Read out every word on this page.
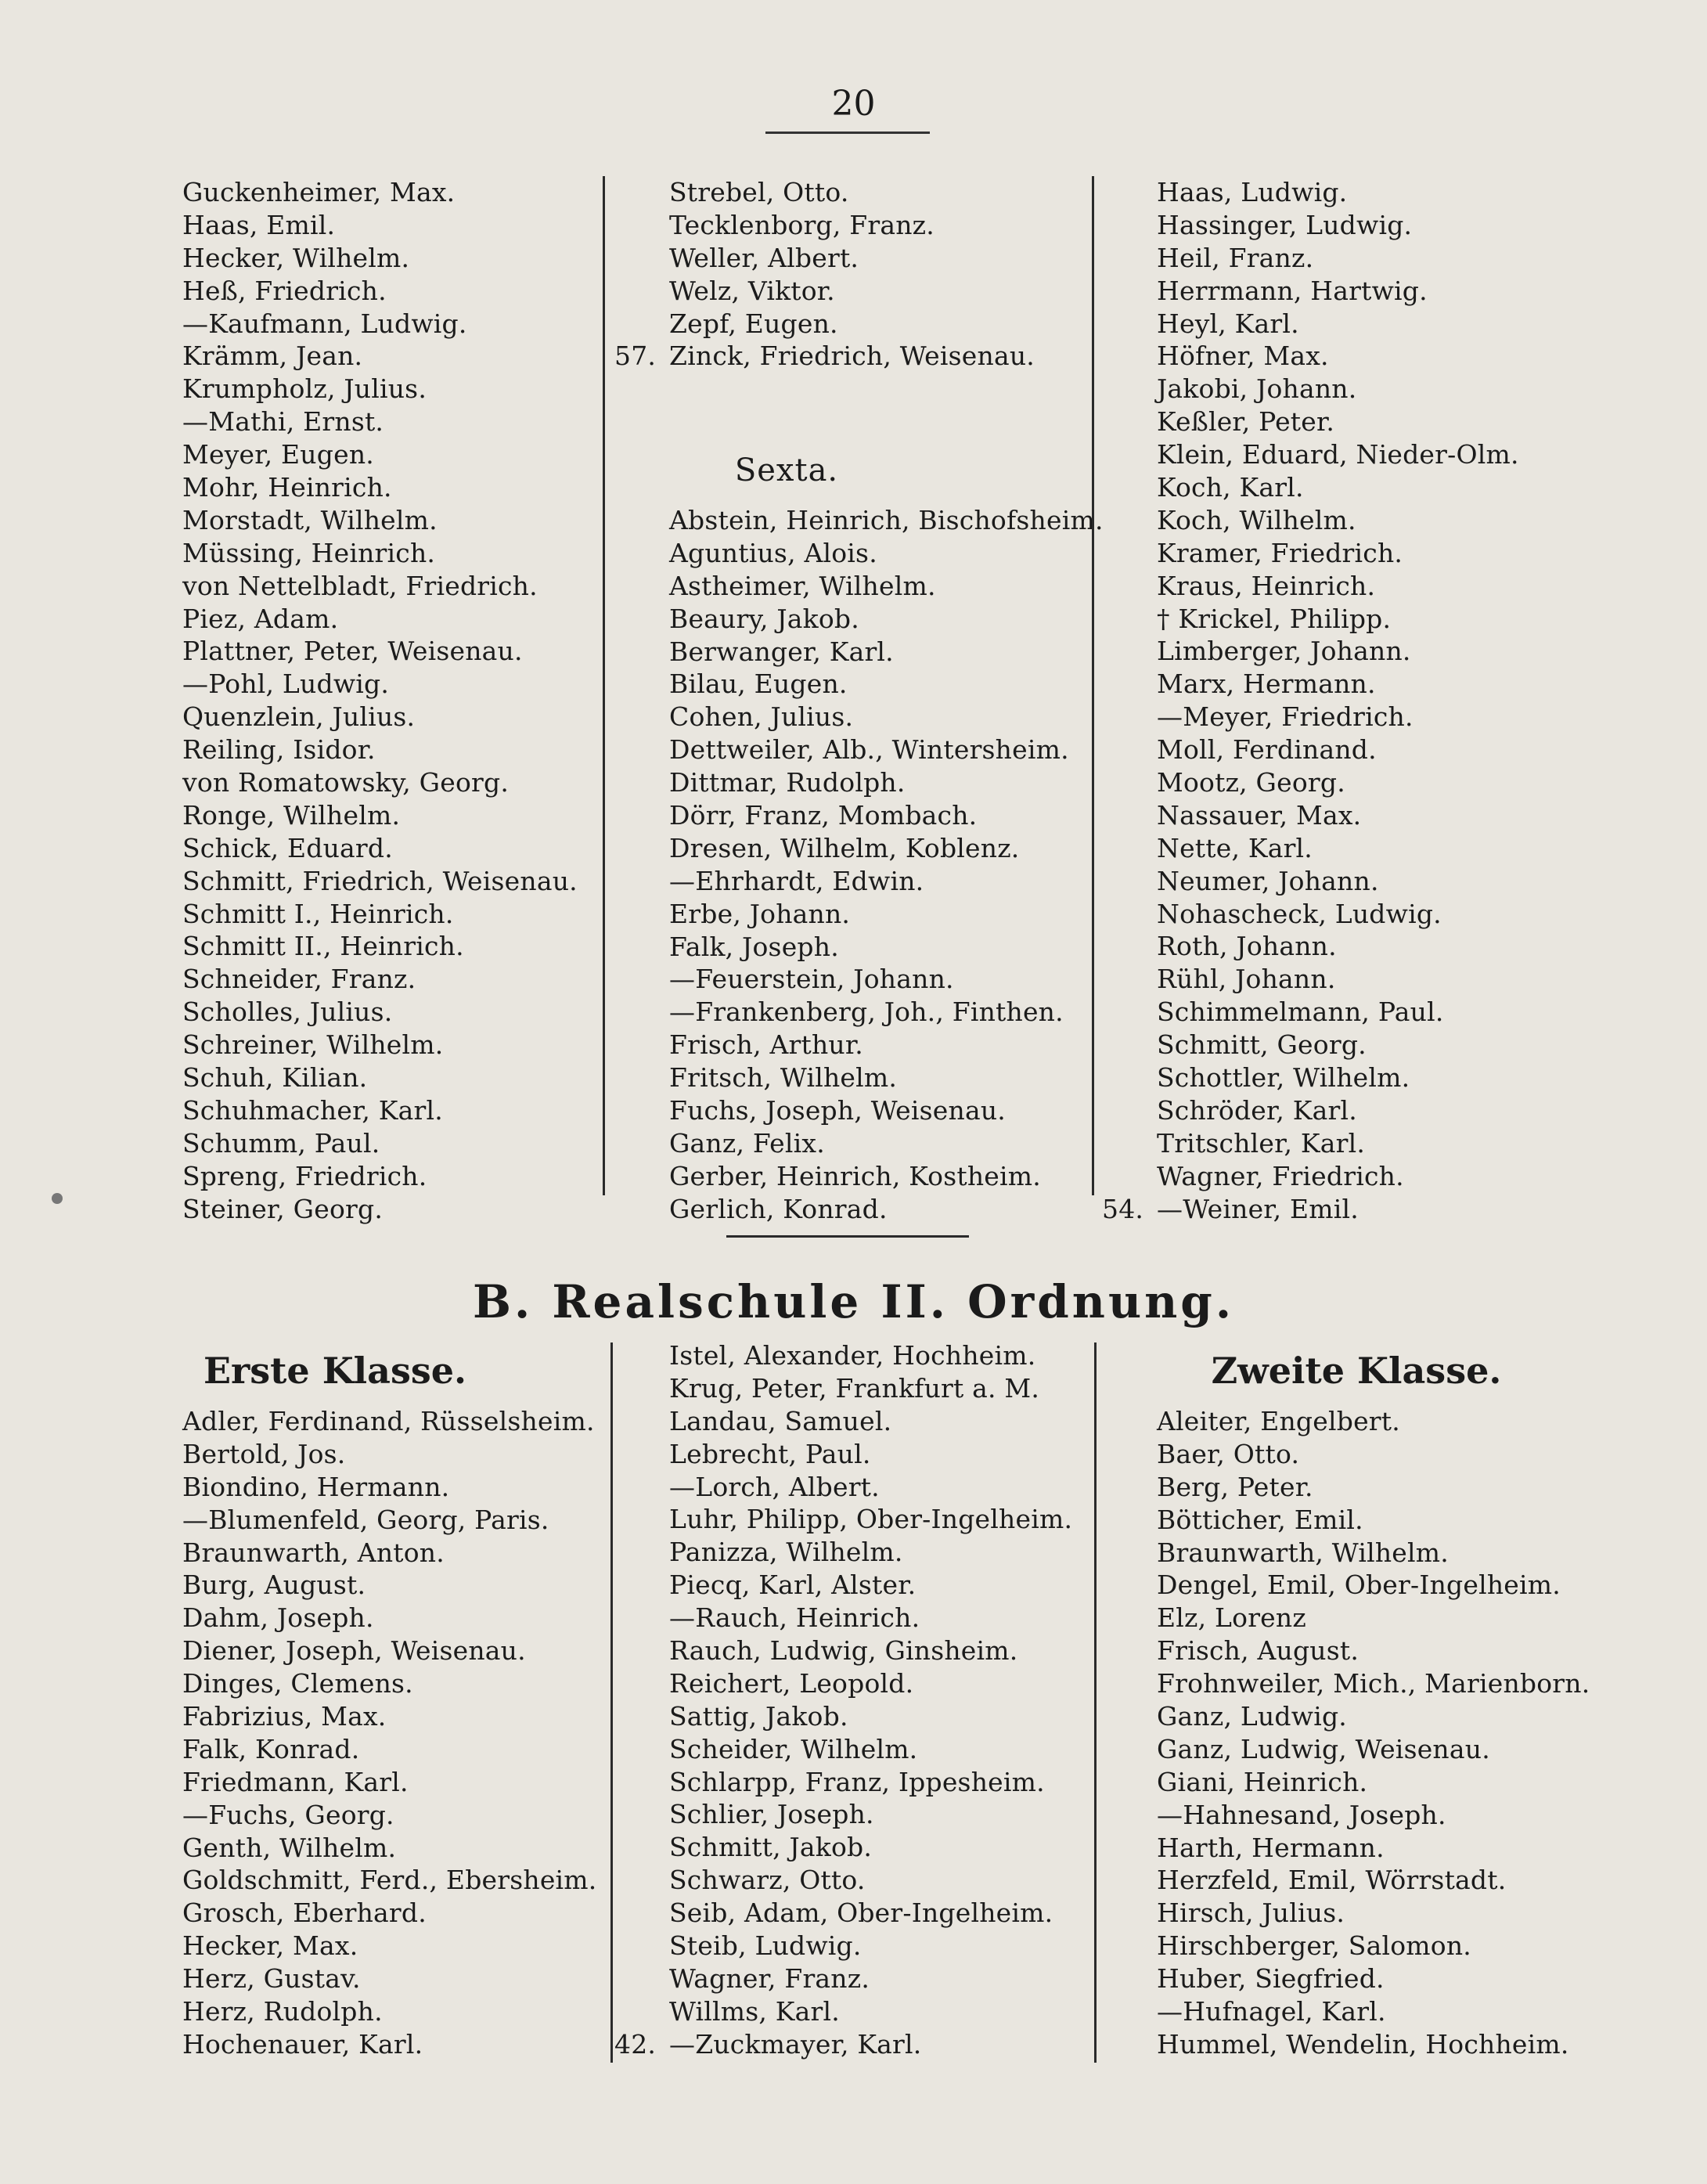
20
Guckenheimer, Max.
Haas, Emil.
Hecker, Wilhelm.
Heß, Friedrich.
—Kaufmann, Ludwig.
Krämm, Jean.
Krumpholz, Julius.
—Mathi, Ernst.
Meyer, Eugen.
Mohr, Heinrich.
Morstadt, Wilhelm.
Müssing, Heinrich.
von Nettelbladt, Friedrich.
Piez, Adam.
Plattner, Peter, Weisenau.
—Pohl, Ludwig.
Quenzlein, Julius.
Reiling, Isidor.
von Romatowsky, Georg.
Ronge, Wilhelm.
Schick, Eduard.
Schmitt, Friedrich, Weisenau.
Schmitt I., Heinrich.
Schmitt II., Heinrich.
Schneider, Franz.
Scholles, Julius.
Schreiner, Wilhelm.
Schuh, Kilian.
Schuhmacher, Karl.
Schumm, Paul.
Spreng, Friedrich.
Steiner, Georg.
Strebel, Otto.
Tecklenborg, Franz.
Weller, Albert.
Welz, Viktor.
Zepf, Eugen.
57. Zinck, Friedrich, Weisenau.
Sexta.
Abstein, Heinrich, Bischofsheim.
Aguntius, Alois.
Astheimer, Wilhelm.
Beaury, Jakob.
Berwanger, Karl.
Bilau, Eugen.
Cohen, Julius.
Dettweiler, Alb., Wintersheim.
Dittmar, Rudolph.
Dörr, Franz, Mombach.
Dresen, Wilhelm, Koblenz.
—Ehrhardt, Edwin.
Erbe, Johann.
Falk, Joseph.
—Feuerstein, Johann.
—Frankenberg, Joh., Finthen.
Frisch, Arthur.
Fritsch, Wilhelm.
Fuchs, Joseph, Weisenau.
Ganz, Felix.
Gerber, Heinrich, Kostheim.
Gerlich, Konrad.
Haas, Ludwig.
Hassinger, Ludwig.
Heil, Franz.
Herrmann, Hartwig.
Heyl, Karl.
Höfner, Max.
Jakobi, Johann.
Keßler, Peter.
Klein, Eduard, Nieder-Olm.
Koch, Karl.
Koch, Wilhelm.
Kramer, Friedrich.
Kraus, Heinrich.
† Krickel, Philipp.
Limberger, Johann.
Marx, Hermann.
—Meyer, Friedrich.
Moll, Ferdinand.
Mootz, Georg.
Nassauer, Max.
Nette, Karl.
Neumer, Johann.
Nohascheck, Ludwig.
Roth, Johann.
Rühl, Johann.
Schimmelmann, Paul.
Schmitt, Georg.
Schottler, Wilhelm.
Schröder, Karl.
Tritschler, Karl.
Wagner, Friedrich.
54. —Weiner, Emil.
B. Realschule II. Ordnung.
Erste Klasse.	Zweite Klasse.
Adler, Ferdinand, Rüsselsheim.
Bertold, Jos.
Biondino, Hermann.
—Blumenfeld, Georg, Paris.
Braunwarth, Anton.
Burg, August.
Dahm, Joseph.
Diener, Joseph, Weisenau.
Dinges, Clemens.
Fabrizius, Max.
Falk, Konrad.
Friedmann, Karl.
—Fuchs, Georg.
Genth, Wilhelm.
Goldschmitt, Ferd., Ebersheim.
Grosch, Eberhard.
Hecker, Max.
Herz, Gustav.
Herz, Rudolph.
Hochenauer, Karl.
Istel, Alexander, Hochheim.
Krug, Peter, Frankfurt a. M.
Landau, Samuel.
Lebrecht, Paul.
—Lorch, Albert.
Luhr, Philipp, Ober-Ingelheim.
Panizza, Wilhelm.
Piecq, Karl, Alster.
—Rauch, Heinrich.
Rauch, Ludwig, Ginsheim.
Reichert, Leopold.
Sattig, Jakob.
Scheider, Wilhelm.
Schlarpp, Franz, Ippesheim.
Schlier, Joseph.
Schmitt, Jakob.
Schwarz, Otto.
Seib, Adam, Ober-Ingelheim.
Steib, Ludwig.
Wagner, Franz.
Willms, Karl.
42. —Zuckmayer, Karl.
Aleiter, Engelbert.
Baer, Otto.
Berg, Peter.
Bötticher, Emil.
Braunwarth, Wilhelm.
Dengel, Emil, Ober-Ingelheim.
Elz, Lorenz
Frisch, August.
Frohnweiler, Mich., Marienborn.
Ganz, Ludwig.
Ganz, Ludwig, Weisenau.
Giani, Heinrich.
—Hahnesand, Joseph.
Harth, Hermann.
Herzfeld, Emil, Wörrstadt.
Hirsch, Julius.
Hirschberger, Salomon.
Huber, Siegfried.
—Hufnagel, Karl.
Hummel, Wendelin, Hochheim.
